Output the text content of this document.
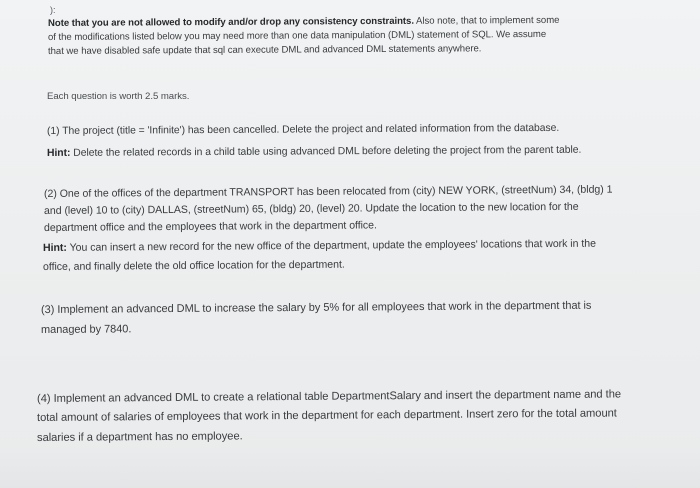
):
Note that you are not allowed to modify and/or drop any consistency constraints. Also note, that to implement some
of the modifications listed below you may need more than one data manipulation (DML) statement of SQL. We assume
that we have disabled safe update that sql can execute DML and advanced DML statements anywhere.
Each question is worth 2.5 marks.
(1) The project (title = 'Infinite') has been cancelled. Delete the project and related information from the database.
Hint: Delete the related records in a child table using advanced DML before deleting the project from the parent table.
(2) One of the offices of the department TRANSPORT has been relocated from (city) NEW YORK, (streetNum) 34, (bldg) 1
and (level) 10 to (city) DALLAS, (streetNum) 65, (bldg) 20, (level) 20. Update the location to the new location for the
department office and the employees that work in the department office.
Hint: You can insert a new record for the new office of the department, update the employees' locations that work in the
office, and finally delete the old office location for the department.
(3) Implement an advanced DML to increase the salary by 5% for all employees that work in the department that is
managed by 7840.
(4) Implement an advanced DML to create a relational table DepartmentSalary and insert the department name and the
total amount of salaries of employees that work in the department for each department. Insert zero for the total amount
salaries if a department has no employee.
